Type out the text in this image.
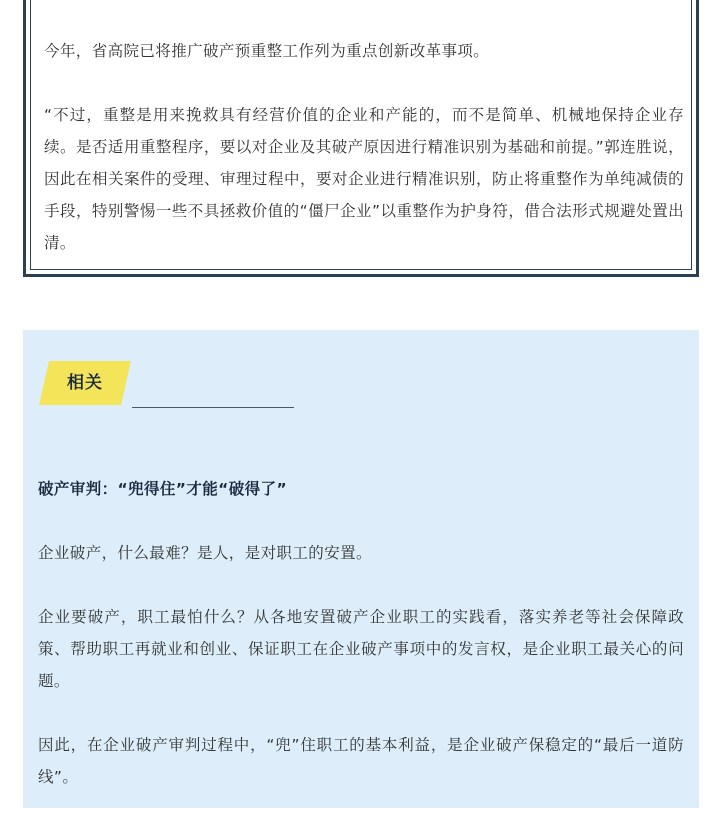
今年，省高院已将推广破产预重整工作列为重点创新改革事项。

“不过，重整是用来挽救具有经营价值的企业和产能的，而不是简单、机械地保持企业存续。是否适用重整程序，要以对企业及其破产原因进行精准识别为基础和前提。”郭连胜说，因此在相关案件的受理、审理过程中，要对企业进行精准识别，防止将重整作为单纯减债的手段，特别警惕一些不具拯救价值的“僵尸企业”以重整作为护身符，借合法形式规避处置出清。

相关

破产审判：“兜得住”才能“破得了”

企业破产，什么最难？是人，是对职工的安置。

企业要破产，职工最怕什么？从各地安置破产企业职工的实践看，落实养老等社会保障政策、帮助职工再就业和创业、保证职工在企业破产事项中的发言权，是企业职工最关心的问题。

因此，在企业破产审判过程中，“兜”住职工的基本利益，是企业破产保稳定的“最后一道防线”。
